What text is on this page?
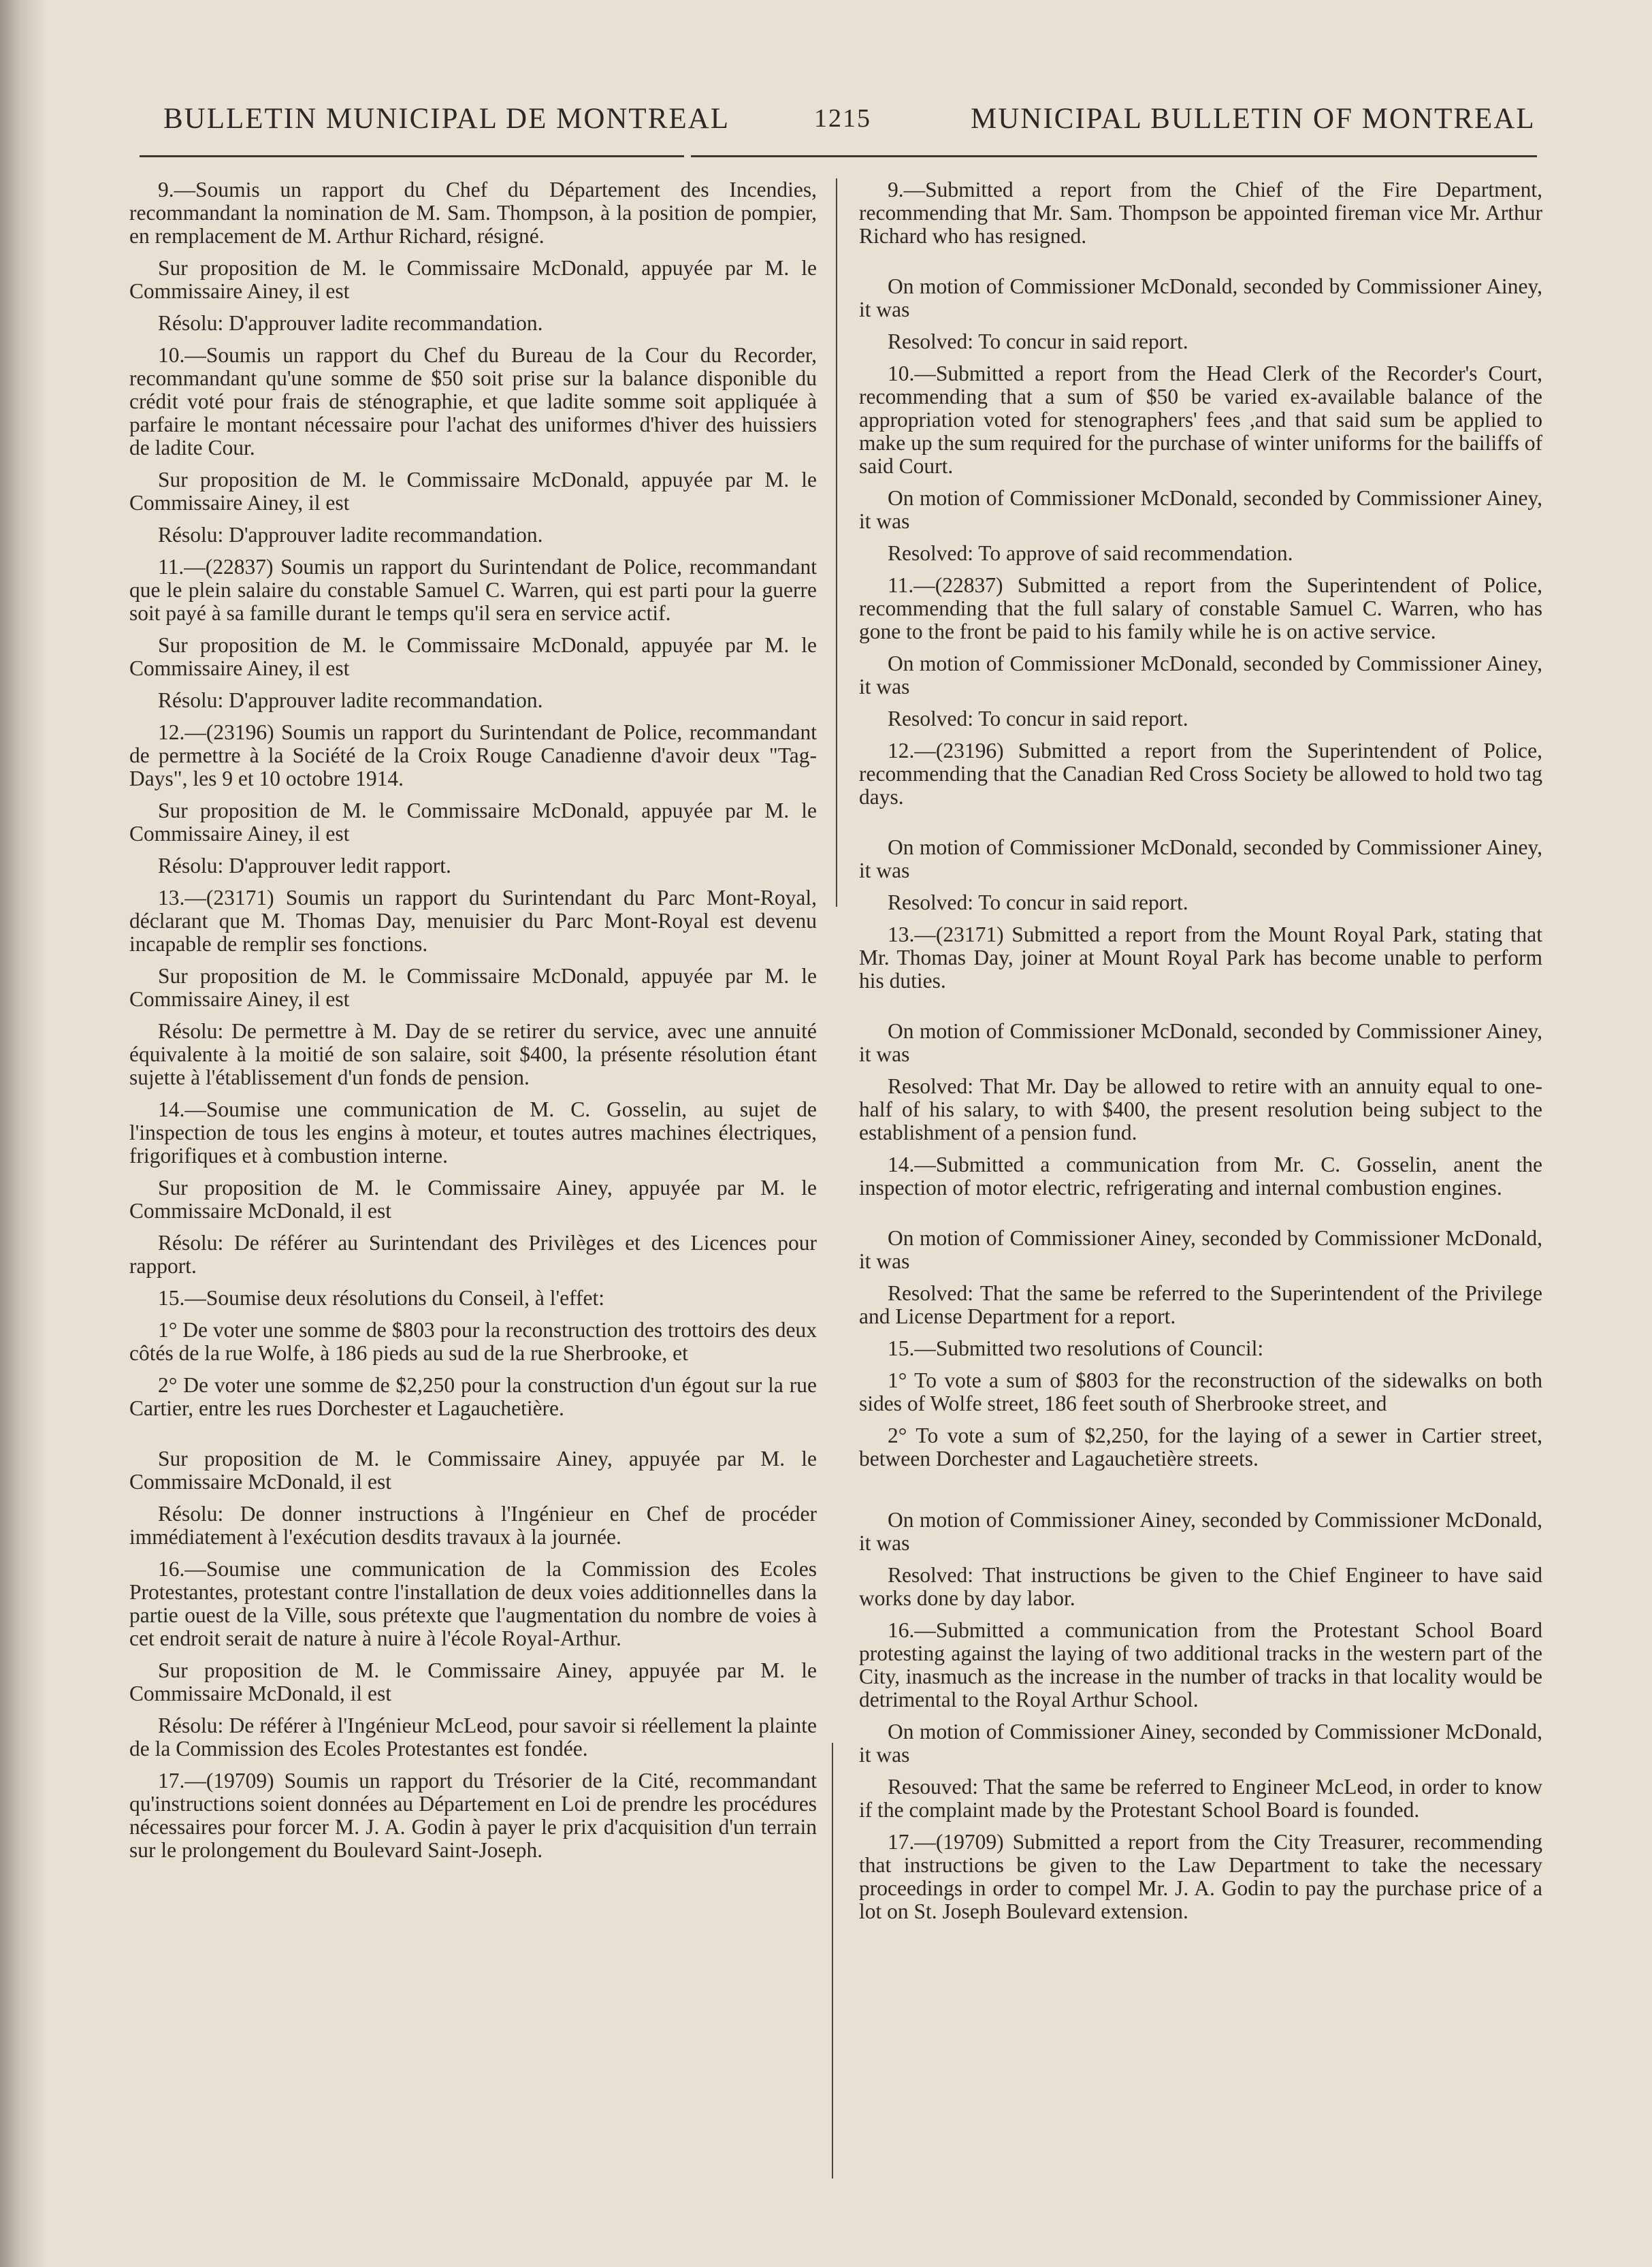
BULLETIN MUNICIPAL DE MONTREAL	1215	MUNICIPAL BULLETIN OF MONTREAL

9.—Soumis un rapport du Chef du Département des Incendies, recommandant la nomination de M. Sam. Thompson, à la position de pompier, en remplacement de M. Arthur Richard, résigné.

Sur proposition de M. le Commissaire McDonald, appuyée par M. le Commissaire Ainey, il est

Résolu: D'approuver ladite recommandation.

10.—Soumis un rapport du Chef du Bureau de la Cour du Recorder, recommandant qu'une somme de $50 soit prise sur la balance disponible du crédit voté pour frais de sténographie, et que ladite somme soit appliquée à parfaire le montant nécessaire pour l'achat des uniformes d'hiver des huissiers de ladite Cour.

Sur proposition de M. le Commissaire McDonald, appuyée par M. le Commissaire Ainey, il est

Résolu: D'approuver ladite recommandation.

11.—(22837) Soumis un rapport du Surintendant de Police, recommandant que le plein salaire du constable Samuel C. Warren, qui est parti pour la guerre soit payé à sa famille durant le temps qu'il sera en service actif.

Sur proposition de M. le Commissaire McDonald, appuyée par M. le Commissaire Ainey, il est

Résolu: D'approuver ladite recommandation.

12.—(23196) Soumis un rapport du Surintendant de Police, recommandant de permettre à la Société de la Croix Rouge Canadienne d'avoir deux "Tag-Days", les 9 et 10 octobre 1914.

Sur proposition de M. le Commissaire McDonald, appuyée par M. le Commissaire Ainey, il est

Résolu: D'approuver ledit rapport.

13.—(23171) Soumis un rapport du Surintendant du Parc Mont-Royal, déclarant que M. Thomas Day, menuisier du Parc Mont-Royal est devenu incapable de remplir ses fonctions.

Sur proposition de M. le Commissaire McDonald, appuyée par M. le Commissaire Ainey, il est

Résolu: De permettre à M. Day de se retirer du service, avec une annuité équivalente à la moitié de son salaire, soit $400, la présente résolution étant sujette à l'établissement d'un fonds de pension.

14.—Soumise une communication de M. C. Gosselin, au sujet de l'inspection de tous les engins à moteur, et toutes autres machines électriques, frigorifiques et à combustion interne.

Sur proposition de M. le Commissaire Ainey, appuyée par M. le Commissaire McDonald, il est

Résolu: De référer au Surintendant des Privilèges et des Licences pour rapport.

15.—Soumise deux résolutions du Conseil, à l'effet:

1° De voter une somme de $803 pour la reconstruction des trottoirs des deux côtés de la rue Wolfe, à 186 pieds au sud de la rue Sherbrooke, et

2° De voter une somme de $2,250 pour la construction d'un égout sur la rue Cartier, entre les rues Dorchester et Lagauchetière.

Sur proposition de M. le Commissaire Ainey, appuyée par M. le Commissaire McDonald, il est

Résolu: De donner instructions à l'Ingénieur en Chef de procéder immédiatement à l'exécution desdits travaux à la journée.

16.—Soumise une communication de la Commission des Ecoles Protestantes, protestant contre l'installation de deux voies additionnelles dans la partie ouest de la Ville, sous prétexte que l'augmentation du nombre de voies à cet endroit serait de nature à nuire à l'école Royal-Arthur.

Sur proposition de M. le Commissaire Ainey, appuyée par M. le Commissaire McDonald, il est

Résolu: De référer à l'Ingénieur McLeod, pour savoir si réellement la plainte de la Commission des Ecoles Protestantes est fondée.

17.—(19709) Soumis un rapport du Trésorier de la Cité, recommandant qu'instructions soient données au Département en Loi de prendre les procédures nécessaires pour forcer M. J. A. Godin à payer le prix d'acquisition d'un terrain sur le prolongement du Boulevard Saint-Joseph.

9.—Submitted a report from the Chief of the Fire Department, recommending that Mr. Sam. Thompson be appointed fireman vice Mr. Arthur Richard who has resigned.

On motion of Commissioner McDonald, seconded by Commissioner Ainey, it was

Resolved: To concur in said report.

10.—Submitted a report from the Head Clerk of the Recorder's Court, recommending that a sum of $50 be varied ex-available balance of the appropriation voted for stenographers' fees ,and that said sum be applied to make up the sum required for the purchase of winter uniforms for the bailiffs of said Court.

On motion of Commissioner McDonald, seconded by Commissioner Ainey, it was

Resolved: To approve of said recommendation.

11.—(22837) Submitted a report from the Superintendent of Police, recommending that the full salary of constable Samuel C. Warren, who has gone to the front be paid to his family while he is on active service.

On motion of Commissioner McDonald, seconded by Commissioner Ainey, it was

Resolved: To concur in said report.

12.—(23196) Submitted a report from the Superintendent of Police, recommending that the Canadian Red Cross Society be allowed to hold two tag days.

On motion of Commissioner McDonald, seconded by Commissioner Ainey, it was

Resolved: To concur in said report.

13.—(23171) Submitted a report from the Mount Royal Park, stating that Mr. Thomas Day, joiner at Mount Royal Park has become unable to perform his duties.

On motion of Commissioner McDonald, seconded by Commissioner Ainey, it was

Resolved: That Mr. Day be allowed to retire with an annuity equal to one-half of his salary, to with $400, the present resolution being subject to the establishment of a pension fund.

14.—Submitted a communication from Mr. C. Gosselin, anent the inspection of motor electric, refrigerating and internal combustion engines.

On motion of Commissioner Ainey, seconded by Commissioner McDonald, it was

Resolved: That the same be referred to the Superintendent of the Privilege and License Department for a report.

15.—Submitted two resolutions of Council:

1° To vote a sum of $803 for the reconstruction of the sidewalks on both sides of Wolfe street, 186 feet south of Sherbrooke street, and

2° To vote a sum of $2,250, for the laying of a sewer in Cartier street, between Dorchester and Lagauchetière streets.

On motion of Commissioner Ainey, seconded by Commissioner McDonald, it was

Resolved: That instructions be given to the Chief Engineer to have said works done by day labor.

16.—Submitted a communication from the Protestant School Board protesting against the laying of two additional tracks in the western part of the City, inasmuch as the increase in the number of tracks in that locality would be detrimental to the Royal Arthur School.

On motion of Commissioner Ainey, seconded by Commissioner McDonald, it was

Resouved: That the same be referred to Engineer McLeod, in order to know if the complaint made by the Protestant School Board is founded.

17.—(19709) Submitted a report from the City Treasurer, recommending that instructions be given to the Law Department to take the necessary proceedings in order to compel Mr. J. A. Godin to pay the purchase price of a lot on St. Joseph Boulevard extension.
